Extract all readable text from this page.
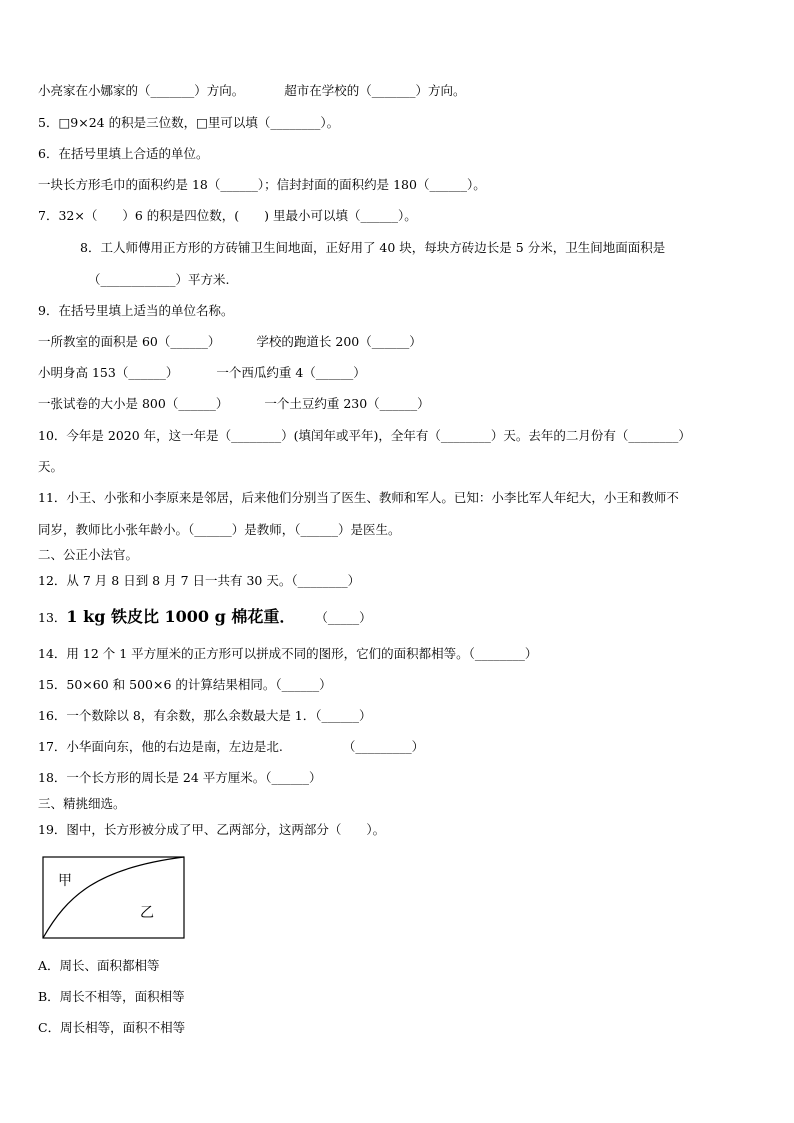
小亮家在小娜家的（_______）方向。	超市在学校的（_______）方向。
5．□9×24 的积是三位数，□里可以填（________）。
6．在括号里填上合适的单位。
一块长方形毛巾的面积约是 18（______）；信封封面的面积约是 180（______）。
7．32×（　　）6 的积是四位数，(　　) 里最小可以填（______）。
8．工人师傅用正方形的方砖铺卫生间地面，正好用了 40 块，每块方砖边长是 5 分米，卫生间地面面积是
（____________）平方米.
9．在括号里填上适当的单位名称。
一所教室的面积是 60（______）	学校的跑道长 200（______）
小明身高 153（______）	一个西瓜约重 4（______）
一张试卷的大小是 800（______）	一个土豆约重 230（______）
10．今年是 2020 年，这一年是（________）(填闰年或平年)，全年有（________）天。去年的二月份有（________）
天。
11．小王、小张和小李原来是邻居，后来他们分别当了医生、教师和军人。已知：小李比军人年纪大，小王和教师不
同岁，教师比小张年龄小。（______）是教师，（______）是医生。
二、公正小法官。
12．从 7 月 8 日到 8 月 7 日一共有 30 天。（________）
13．1 kg 铁皮比 1000 g 棉花重． （_____）
14．用 12 个 1 平方厘米的正方形可以拼成不同的图形，它们的面积都相等。（________）
15．50×60 和 500×6 的计算结果相同。（______）
16．一个数除以 8，有余数，那么余数最大是 1．（______）
17．小华面向东，他的右边是南，左边是北.	（_________）
18．一个长方形的周长是 24 平方厘米。（______）
三、精挑细选。
19．图中，长方形被分成了甲、乙两部分，这两部分（　　）。
A．周长、面积都相等
B．周长不相等，面积相等
C．周长相等，面积不相等
甲
乙
